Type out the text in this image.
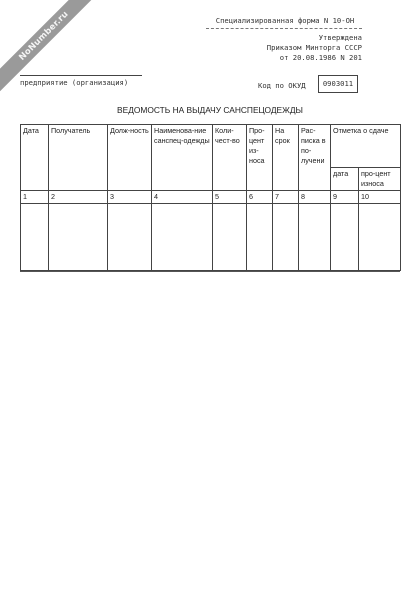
NoNumber.ru	Специализированная форма N 10-ОН
Утверждена
Приказом Минторга СССР
от 20.08.1986 N 201
предприятие (организация)	Код по ОКУД	0903011
ВЕДОМОСТЬ НА ВЫДАЧУ САНСПЕЦОДЕЖДЫ
Дата	Получатель	Долж-ность	Наименова-ние санспец-одежды	Коли-чест-во	Про-цент из-носа	На срок	Рас-писка в по-лучени	Отметка о сдаче	
								дата	про-цент износа
1	2	3	4	5	6	7	8	9	10
